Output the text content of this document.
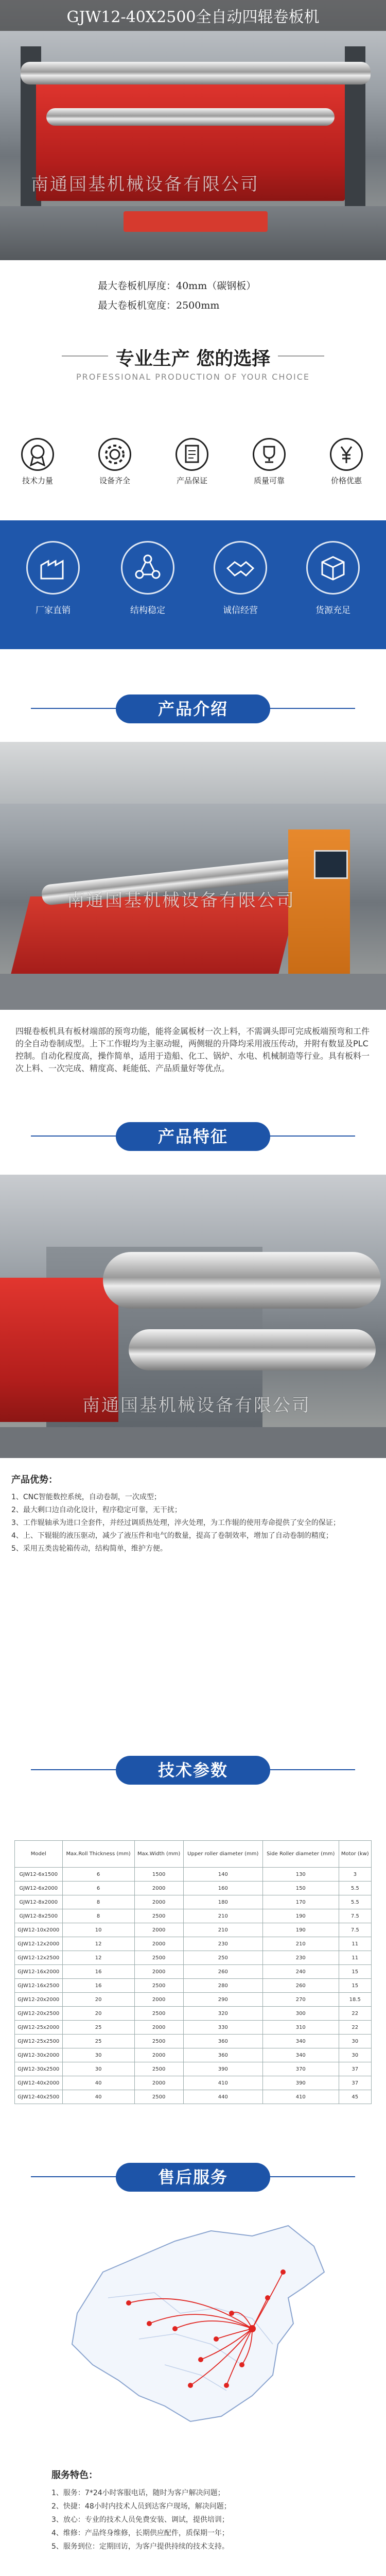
GJW12-40X2500全自动四辊卷板机
南通国基机械设备有限公司
最大卷板机厚度：40mm（碳钢板）
最大卷板机宽度：2500mm
专业生产 您的选择
PROFESSIONAL PRODUCTION OF YOUR CHOICE
技术力量	设备齐全	产品保证	质量可靠	价格优惠
厂家直销	结构稳定	诚信经营	货源充足
产品介绍
南通国基机械设备有限公司
四辊卷板机具有板材端部的预弯功能，能将金属板材一次上料，不需调头即可完成板端预弯和工件的全自动卷制成型。上下工作辊均为主驱动辊，两侧辊的升降均采用液压传动，并附有数显及PLC控制。自动化程度高，操作简单，适用于造船、化工、锅炉、水电、机械制造等行业。具有板料一次上料、一次完成、精度高、耗能低、产品质量好等优点。
产品特征
南通国基机械设备有限公司
产品优势：
1、CNC智能数控系统，自动卷制，一次成型；
2、最大剩口边自动化设计，程序稳定可靠，无干扰；
3、工作辊轴承为进口全套件，并经过调质热处理，淬火处理，为工作辊的使用寿命提供了安全的保证；
4、上、下辊辊的液压驱动，减少了液压件和电气的数量，提高了卷制效率，增加了自动卷制的精度；
5、采用五类齿轮箱传动，结构简单，维护方便。
技术参数
Model	Max.Roll Thickness (mm)	Max.Width (mm)	Upper roller diameter (mm)	Side Roller diameter (mm)	Motor (kw)
GJW12-6x1500	6	1500	140	130	3
GJW12-6x2000	6	2000	160	150	5.5
GJW12-8x2000	8	2000	180	170	5.5
GJW12-8x2500	8	2500	210	190	7.5
GJW12-10x2000	10	2000	210	190	7.5
GJW12-12x2000	12	2000	230	210	11
GJW12-12x2500	12	2500	250	230	11
GJW12-16x2000	16	2000	260	240	15
GJW12-16x2500	16	2500	280	260	15
GJW12-20x2000	20	2000	290	270	18.5
GJW12-20x2500	20	2500	320	300	22
GJW12-25x2000	25	2000	330	310	22
GJW12-25x2500	25	2500	360	340	30
GJW12-30x2000	30	2000	360	340	30
GJW12-30x2500	30	2500	390	370	37
GJW12-40x2000	40	2000	410	390	37
GJW12-40x2500	40	2500	440	410	45
售后服务
服务特色：
1、服务：7*24小时客服电话，随时为客户解决问题；
2、快捷：48小时内技术人员到达客户现场，解决问题；
3、放心：专业的技术人员免费安装、调试，提供培训；
4、维修：产品终身维修，长期供应配件，质保期一年；
5、服务到位：定期回访，为客户提供持续的技术支持。
